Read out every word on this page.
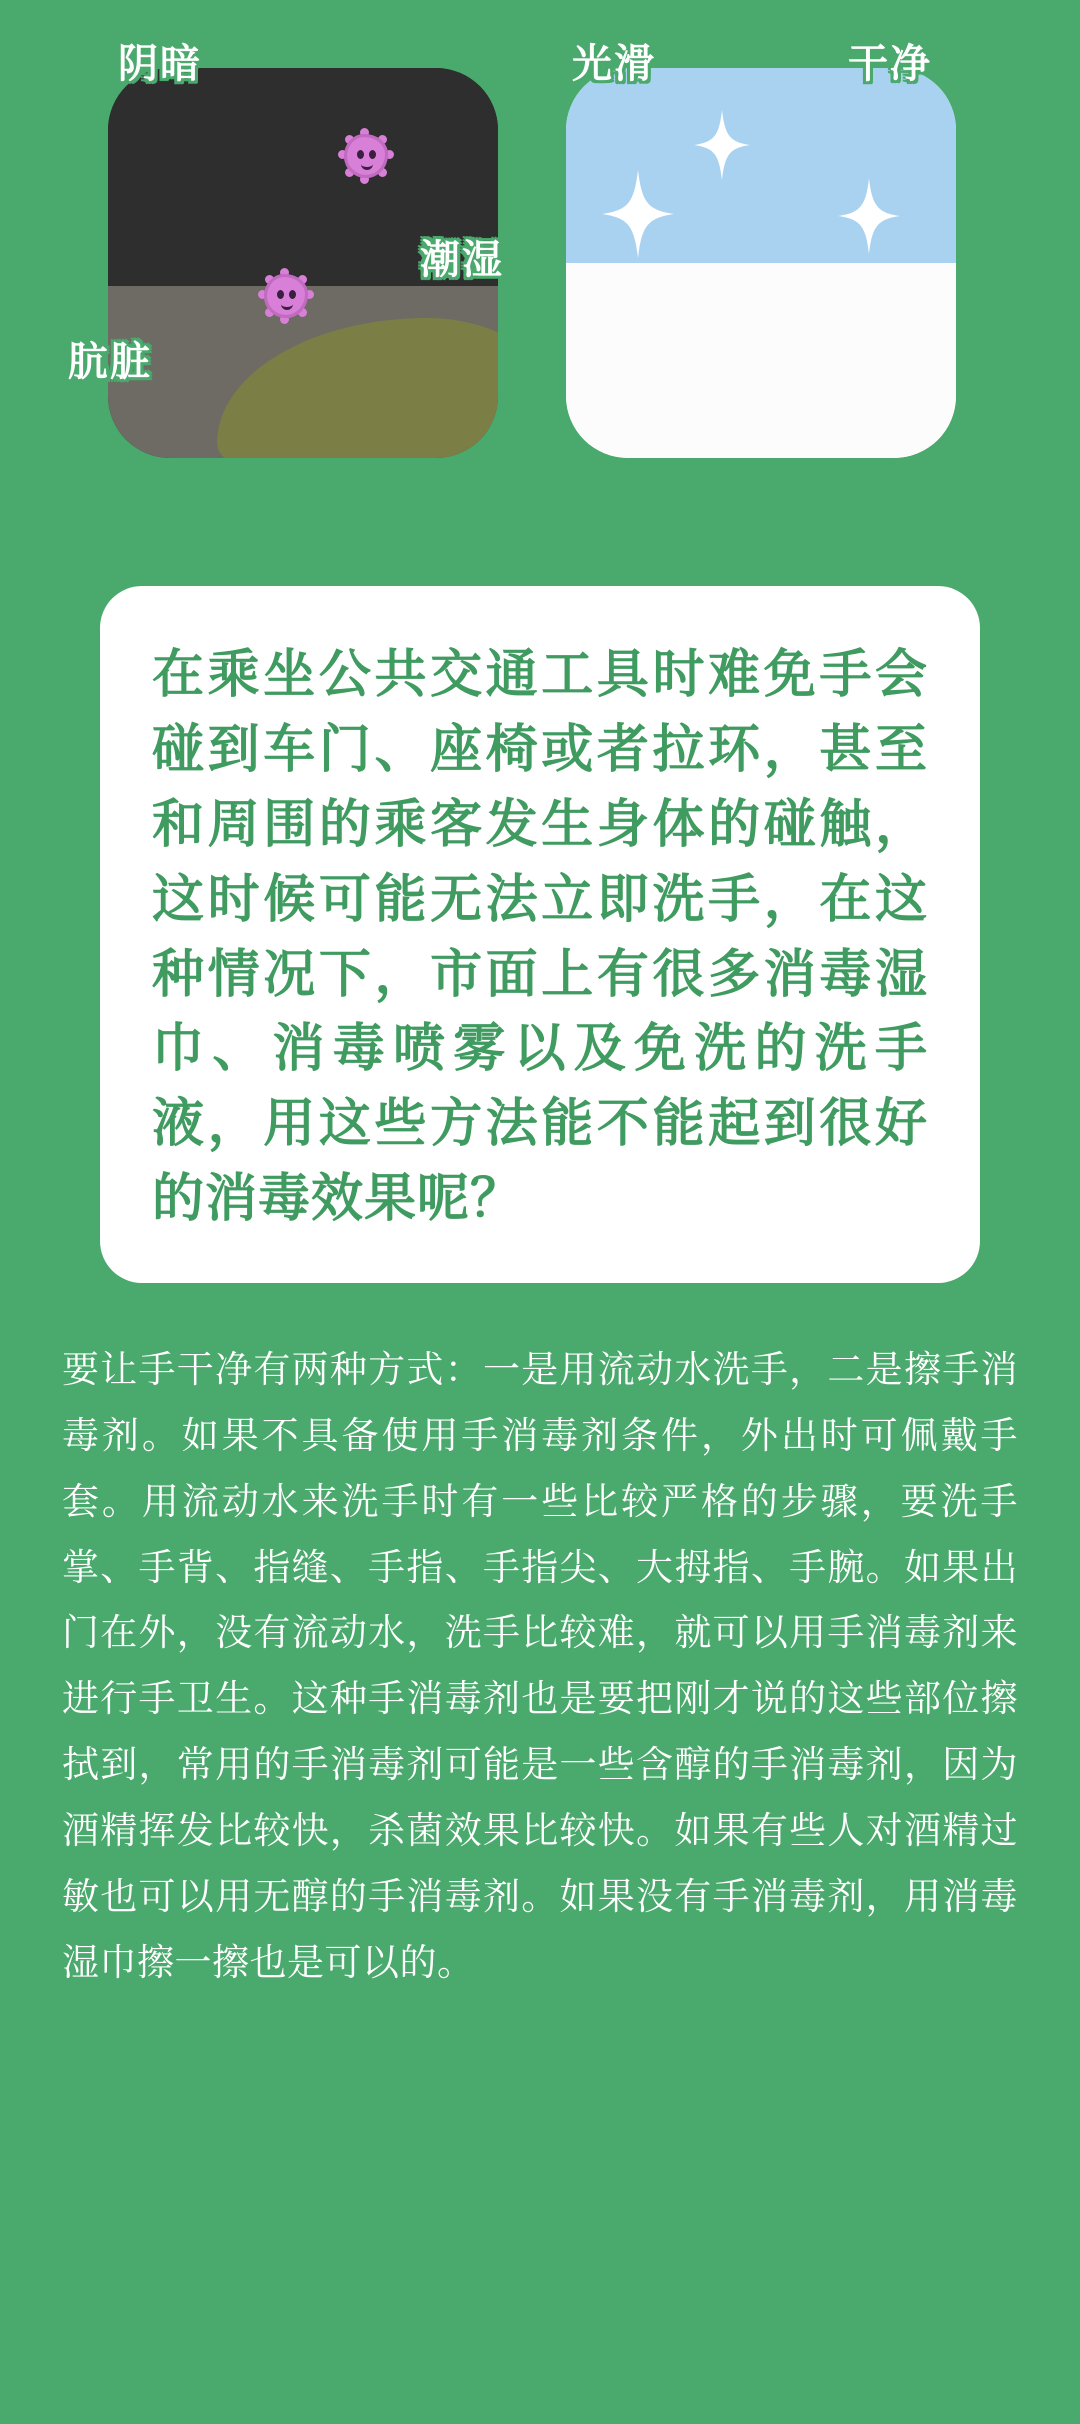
阴暗
潮湿
肮脏
光滑	干净

在乘坐公共交通工具时难免手会碰到车门、座椅或者拉环，甚至和周围的乘客发生身体的碰触，这时候可能无法立即洗手，在这种情况下，市面上有很多消毒湿巾、消毒喷雾以及免洗的洗手液，用这些方法能不能起到很好的消毒效果呢？

要让手干净有两种方式：一是用流动水洗手，二是擦手消毒剂。如果不具备使用手消毒剂条件，外出时可佩戴手套。用流动水来洗手时有一些比较严格的步骤，要洗手掌、手背、指缝、手指、手指尖、大拇指、手腕。如果出门在外，没有流动水，洗手比较难，就可以用手消毒剂来进行手卫生。这种手消毒剂也是要把刚才说的这些部位擦拭到，常用的手消毒剂可能是一些含醇的手消毒剂，因为酒精挥发比较快，杀菌效果比较快。如果有些人对酒精过敏也可以用无醇的手消毒剂。如果没有手消毒剂，用消毒湿巾擦一擦也是可以的。
